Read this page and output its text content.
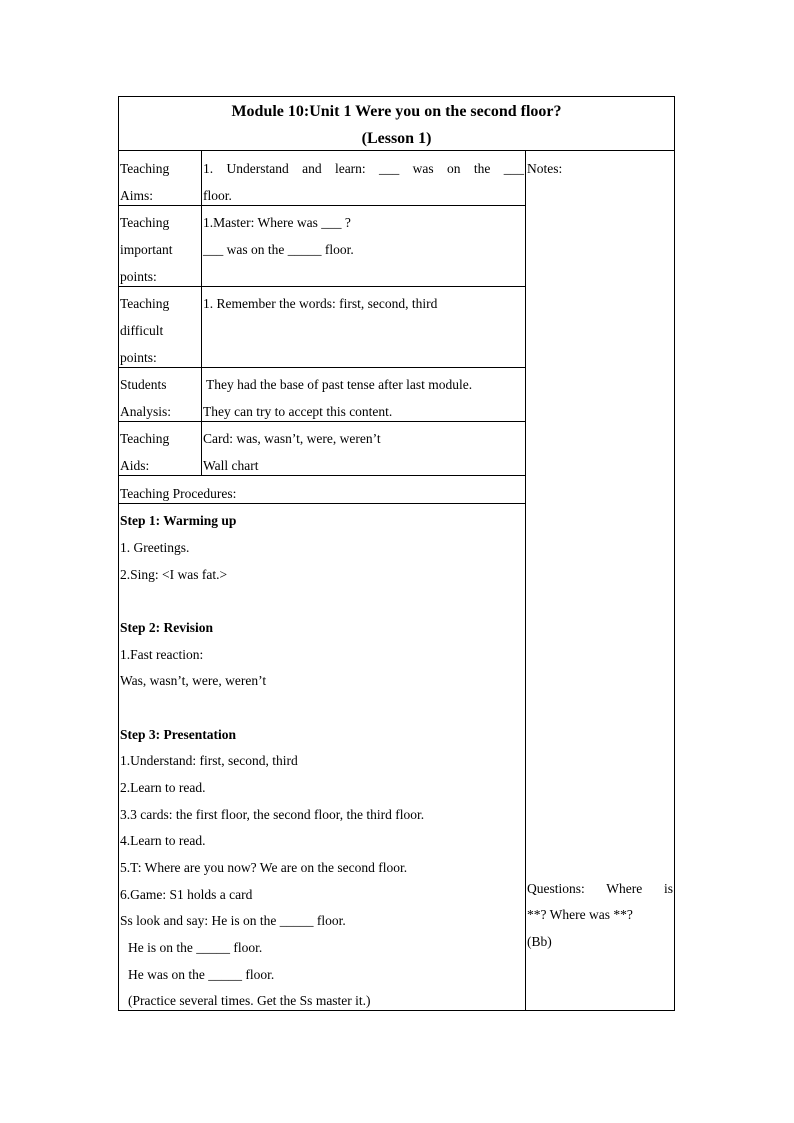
Module 10:Unit 1 Were you on the second floor?
(Lesson 1)
Teaching
Aims:
1. Understand and learn: ___ was on the ___
floor.
Teaching
important
points:
1.Master: Where was ___ ?
___ was on the _____ floor.
Teaching
difficult
points:
1. Remember the words: first, second, third
Students
Analysis:
They had the base of past tense after last module.
They can try to accept this content.
Teaching
Aids:
Card: was, wasn’t, were, weren’t
Wall chart
Notes:
Teaching Procedures:
Step 1: Warming up
1. Greetings.
2.Sing: <I was fat.>
Step 2: Revision
1.Fast reaction:
Was, wasn’t, were, weren’t
Step 3: Presentation
1.Understand: first, second, third
2.Learn to read.
3.3 cards: the first floor, the second floor, the third floor.
4.Learn to read.
5.T: Where are you now? We are on the second floor.
6.Game: S1 holds a card
Ss look and say: He is on the _____ floor.
He is on the _____ floor.
He was on the _____ floor.
(Practice several times. Get the Ss master it.)
Questions: Where is
**? Where was **?
(Bb)
